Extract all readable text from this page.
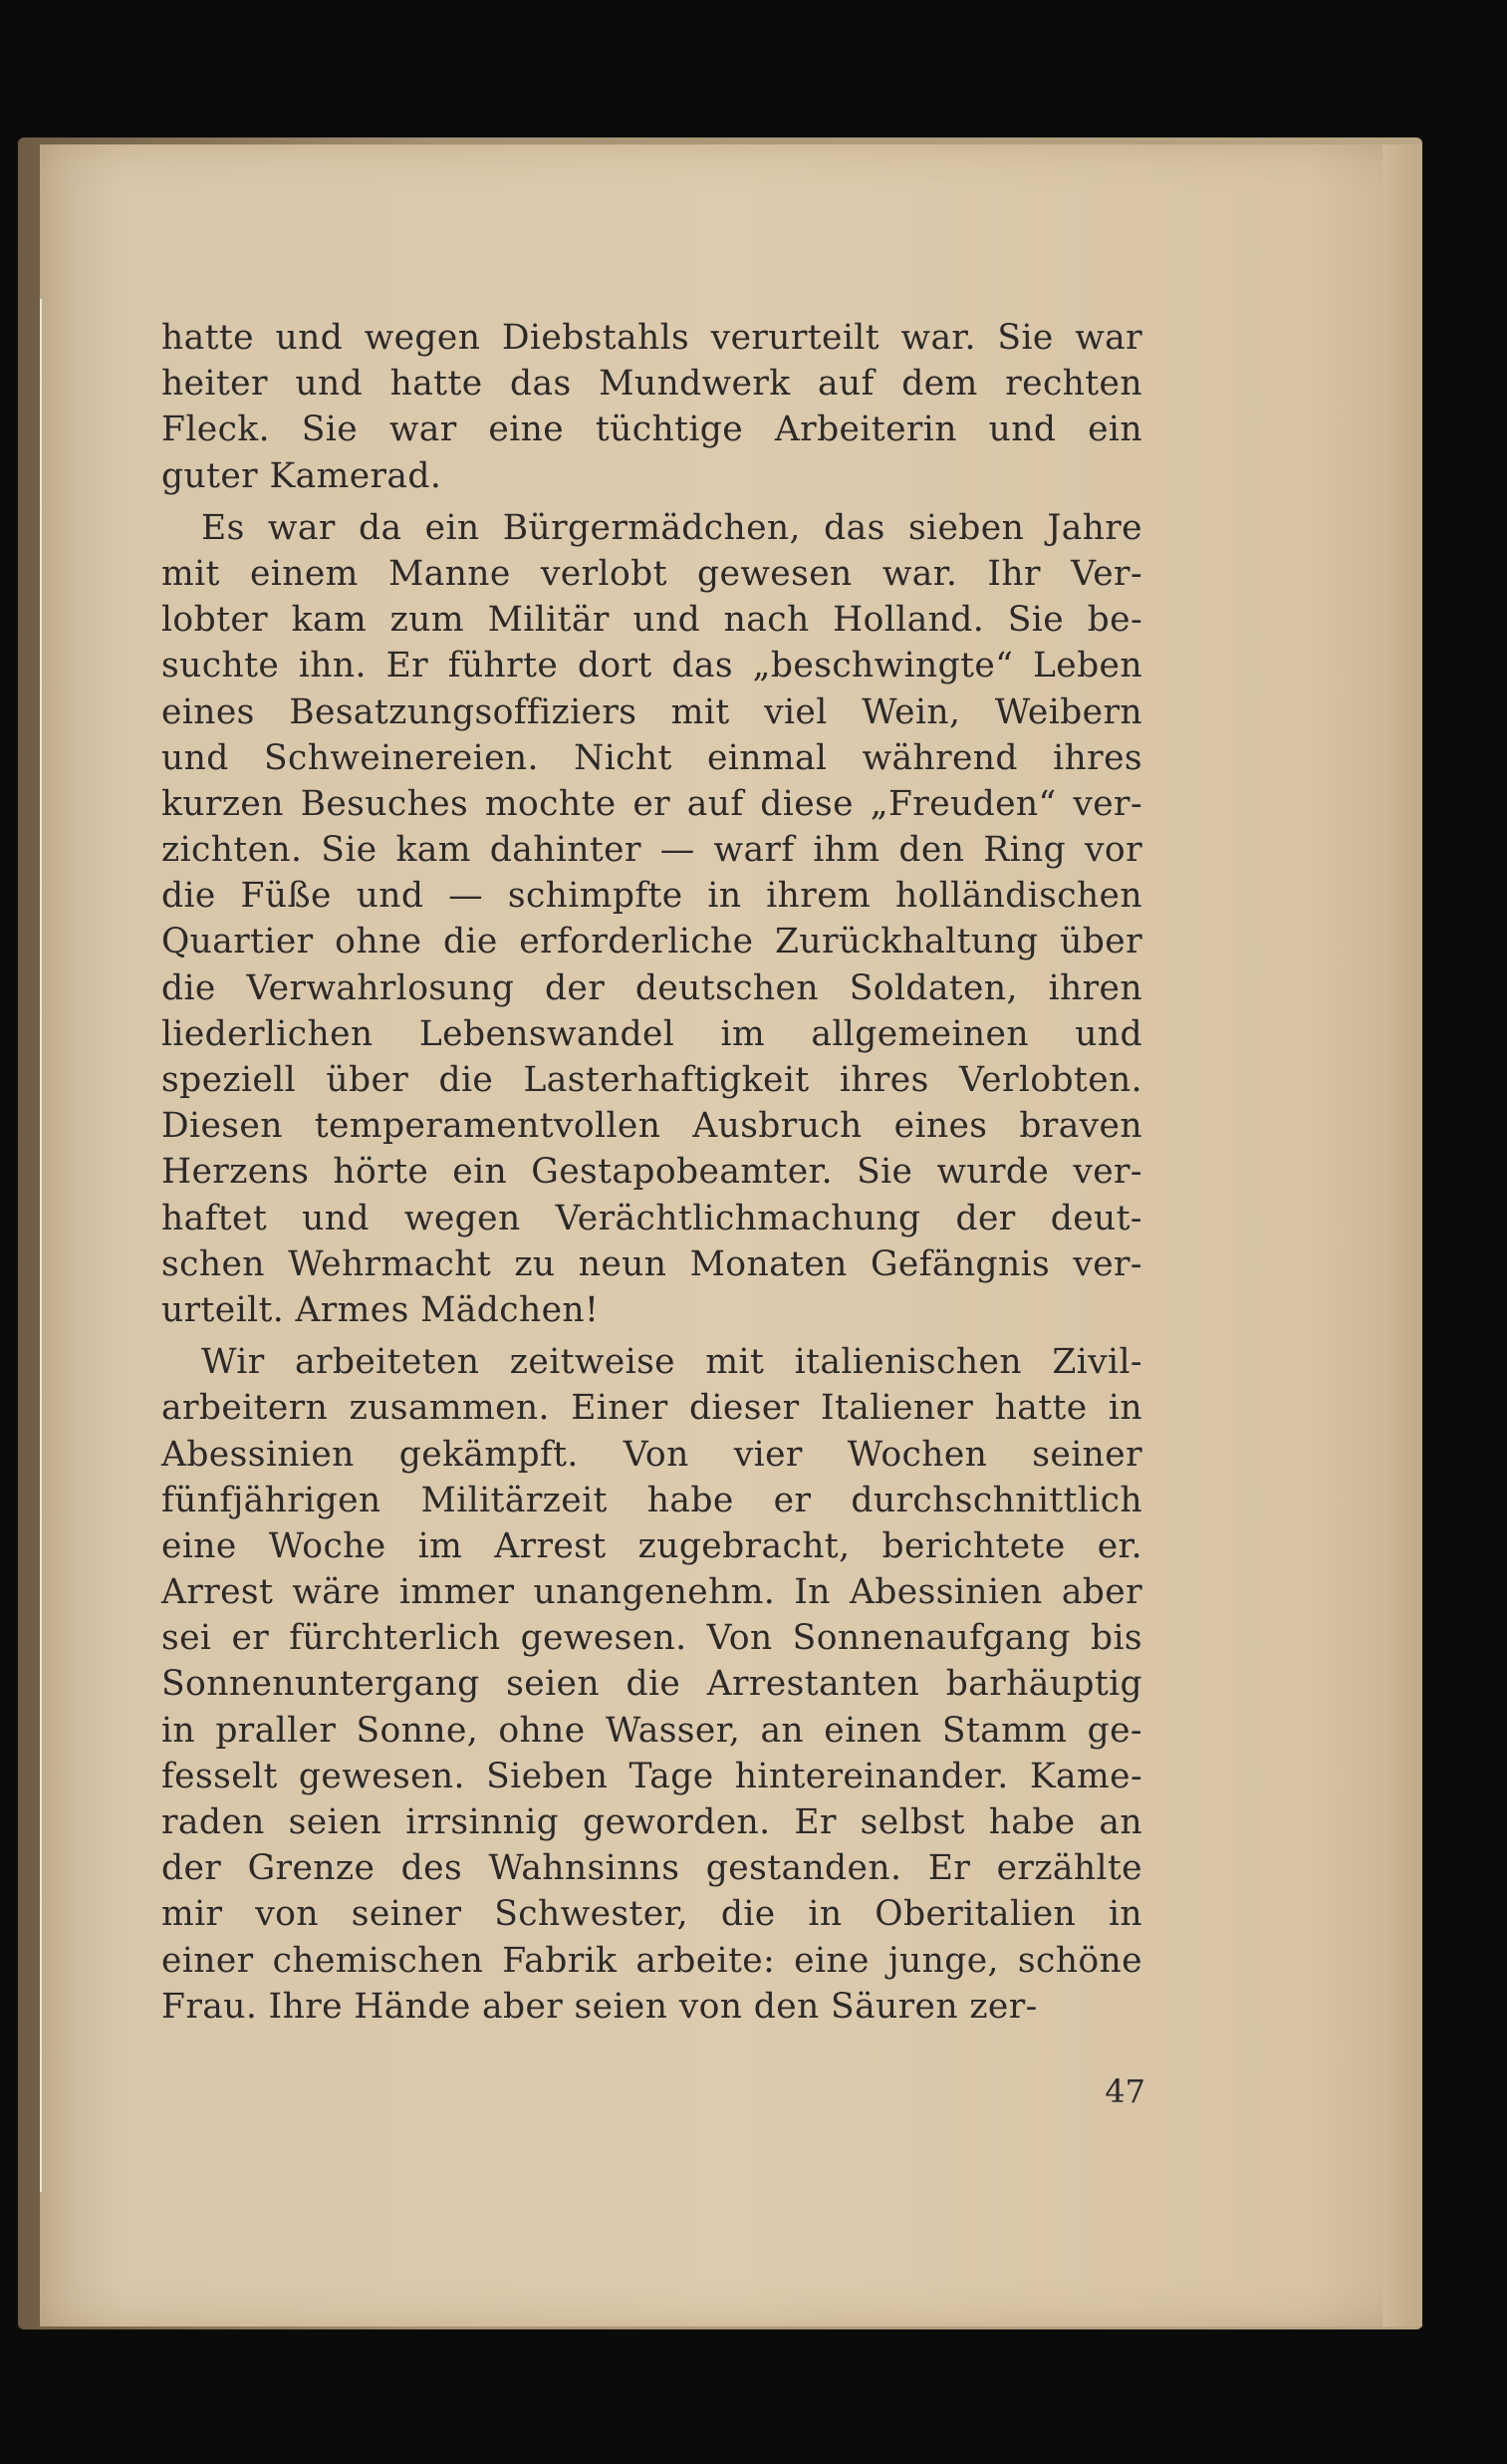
hatte und wegen Diebstahls verurteilt war. Sie war
heiter und hatte das Mundwerk auf dem rechten
Fleck. Sie war eine tüchtige Arbeiterin und ein
guter Kamerad.
Es war da ein Bürgermädchen, das sieben Jahre
mit einem Manne verlobt gewesen war. Ihr Ver-
lobter kam zum Militär und nach Holland. Sie be-
suchte ihn. Er führte dort das „beschwingte“ Leben
eines Besatzungsoffiziers mit viel Wein, Weibern
und Schweinereien. Nicht einmal während ihres
kurzen Besuches mochte er auf diese „Freuden“ ver-
zichten. Sie kam dahinter — warf ihm den Ring vor
die Füße und — schimpfte in ihrem holländischen
Quartier ohne die erforderliche Zurückhaltung über
die Verwahrlosung der deutschen Soldaten, ihren
liederlichen Lebenswandel im allgemeinen und
speziell über die Lasterhaftigkeit ihres Verlobten.
Diesen temperamentvollen Ausbruch eines braven
Herzens hörte ein Gestapobeamter. Sie wurde ver-
haftet und wegen Verächtlichmachung der deut-
schen Wehrmacht zu neun Monaten Gefängnis ver-
urteilt. Armes Mädchen!
Wir arbeiteten zeitweise mit italienischen Zivil-
arbeitern zusammen. Einer dieser Italiener hatte in
Abessinien gekämpft. Von vier Wochen seiner
fünfjährigen Militärzeit habe er durchschnittlich
eine Woche im Arrest zugebracht, berichtete er.
Arrest wäre immer unangenehm. In Abessinien aber
sei er fürchterlich gewesen. Von Sonnenaufgang bis
Sonnenuntergang seien die Arrestanten barhäuptig
in praller Sonne, ohne Wasser, an einen Stamm ge-
fesselt gewesen. Sieben Tage hintereinander. Kame-
raden seien irrsinnig geworden. Er selbst habe an
der Grenze des Wahnsinns gestanden. Er erzählte
mir von seiner Schwester, die in Oberitalien in
einer chemischen Fabrik arbeite: eine junge, schöne
Frau. Ihre Hände aber seien von den Säuren zer-
47
